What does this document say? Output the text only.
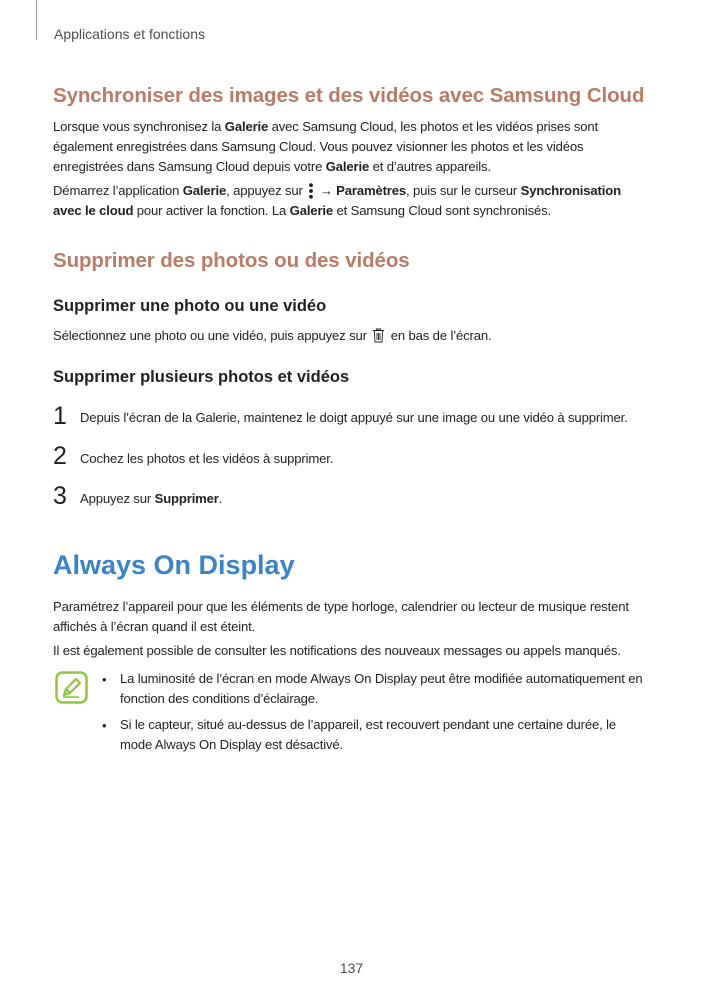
Applications et fonctions
Synchroniser des images et des vidéos avec Samsung Cloud
Lorsque vous synchronisez la Galerie avec Samsung Cloud, les photos et les vidéos prises sont également enregistrées dans Samsung Cloud. Vous pouvez visionner les photos et les vidéos enregistrées dans Samsung Cloud depuis votre Galerie et d’autres appareils.
Démarrez l’application Galerie, appuyez sur  → Paramètres, puis sur le curseur Synchronisation avec le cloud pour activer la fonction. La Galerie et Samsung Cloud sont synchronisés.
Supprimer des photos ou des vidéos
Supprimer une photo ou une vidéo
Sélectionnez une photo ou une vidéo, puis appuyez sur  en bas de l’écran.
Supprimer plusieurs photos et vidéos
1 Depuis l’écran de la Galerie, maintenez le doigt appuyé sur une image ou une vidéo à supprimer.
2 Cochez les photos et les vidéos à supprimer.
3 Appuyez sur Supprimer.
Always On Display
Paramétrez l’appareil pour que les éléments de type horloge, calendrier ou lecteur de musique restent affichés à l’écran quand il est éteint.
Il est également possible de consulter les notifications des nouveaux messages ou appels manqués.
• La luminosité de l’écran en mode Always On Display peut être modifiée automatiquement en fonction des conditions d’éclairage.
• Si le capteur, situé au-dessus de l’appareil, est recouvert pendant une certaine durée, le mode Always On Display est désactivé.
137
